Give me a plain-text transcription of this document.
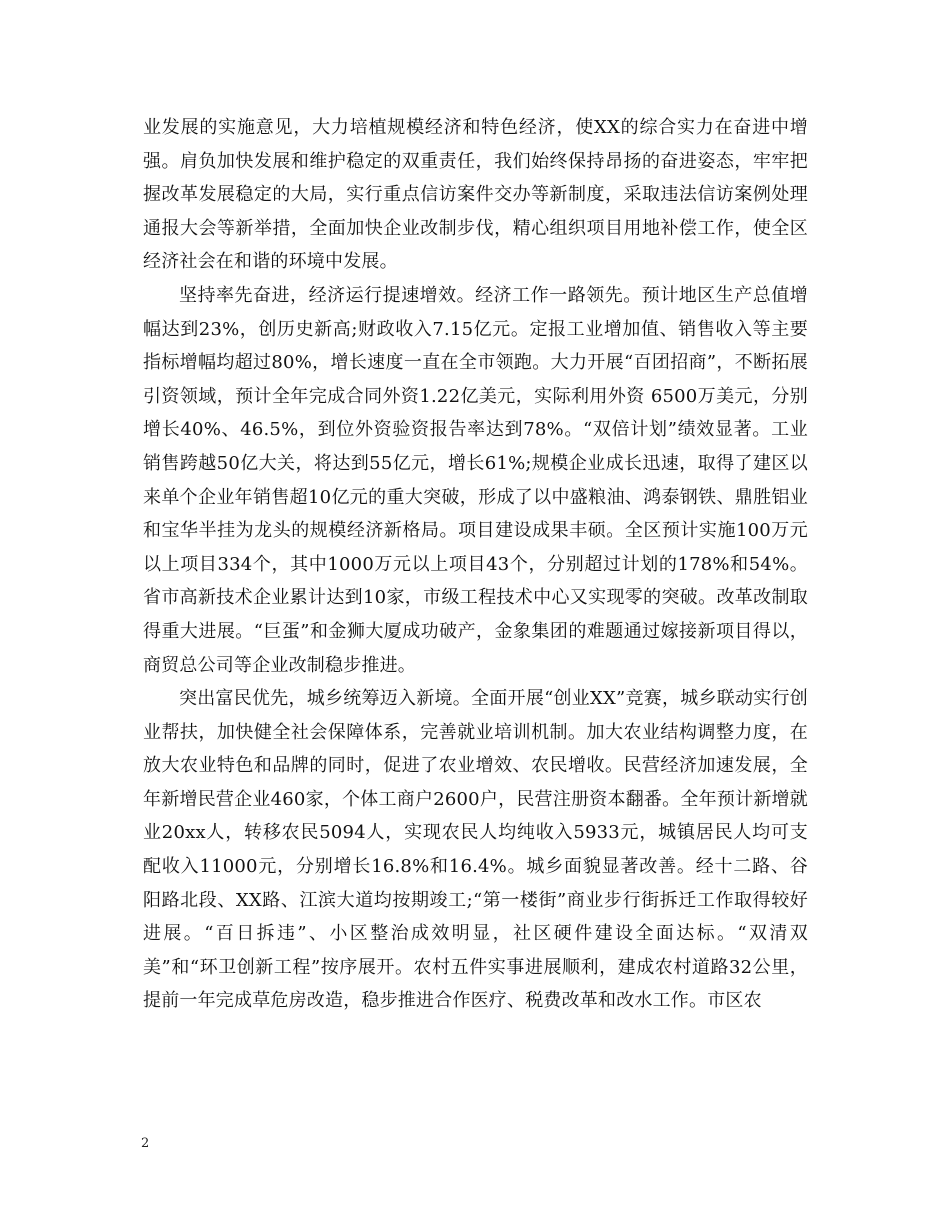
业发展的实施意见，大力培植规模经济和特色经济，使XX的综合实力在奋进中增强。肩负加快发展和维护稳定的双重责任，我们始终保持昂扬的奋进姿态，牢牢把握改革发展稳定的大局，实行重点信访案件交办等新制度，采取违法信访案例处理通报大会等新举措，全面加快企业改制步伐，精心组织项目用地补偿工作，使全区经济社会在和谐的环境中发展。

坚持率先奋进，经济运行提速增效。经济工作一路领先。预计地区生产总值增幅达到23%，创历史新高;财政收入7.15亿元。定报工业增加值、销售收入等主要指标增幅均超过80%，增长速度一直在全市领跑。大力开展“百团招商”，不断拓展引资领域，预计全年完成合同外资1.22亿美元，实际利用外资 6500万美元，分别增长40%、46.5%，到位外资验资报告率达到78%。“双倍计划”绩效显著。工业销售跨越50亿大关，将达到55亿元，增长61%;规模企业成长迅速，取得了建区以来单个企业年销售超10亿元的重大突破，形成了以中盛粮油、鸿泰钢铁、鼎胜铝业和宝华半挂为龙头的规模经济新格局。项目建设成果丰硕。全区预计实施100万元以上项目334个，其中1000万元以上项目43个，分别超过计划的178%和54%。省市高新技术企业累计达到10家，市级工程技术中心又实现零的突破。改革改制取得重大进展。“巨蛋”和金狮大厦成功破产，金象集团的难题通过嫁接新项目得以，商贸总公司等企业改制稳步推进。

突出富民优先，城乡统筹迈入新境。全面开展“创业XX”竞赛，城乡联动实行创业帮扶，加快健全社会保障体系，完善就业培训机制。加大农业结构调整力度，在放大农业特色和品牌的同时，促进了农业增效、农民增收。民营经济加速发展，全年新增民营企业460家，个体工商户2600户，民营注册资本翻番。全年预计新增就业20xx人，转移农民5094人，实现农民人均纯收入5933元，城镇居民人均可支配收入11000元，分别增长16.8%和16.4%。城乡面貌显著改善。经十二路、谷阳路北段、XX路、江滨大道均按期竣工;“第一楼街”商业步行街拆迁工作取得较好进展。“百日拆违”、小区整治成效明显，社区硬件建设全面达标。“双清双美”和“环卫创新工程”按序展开。农村五件实事进展顺利，建成农村道路32公里，提前一年完成草危房改造，稳步推进合作医疗、税费改革和改水工作。市区农

2
